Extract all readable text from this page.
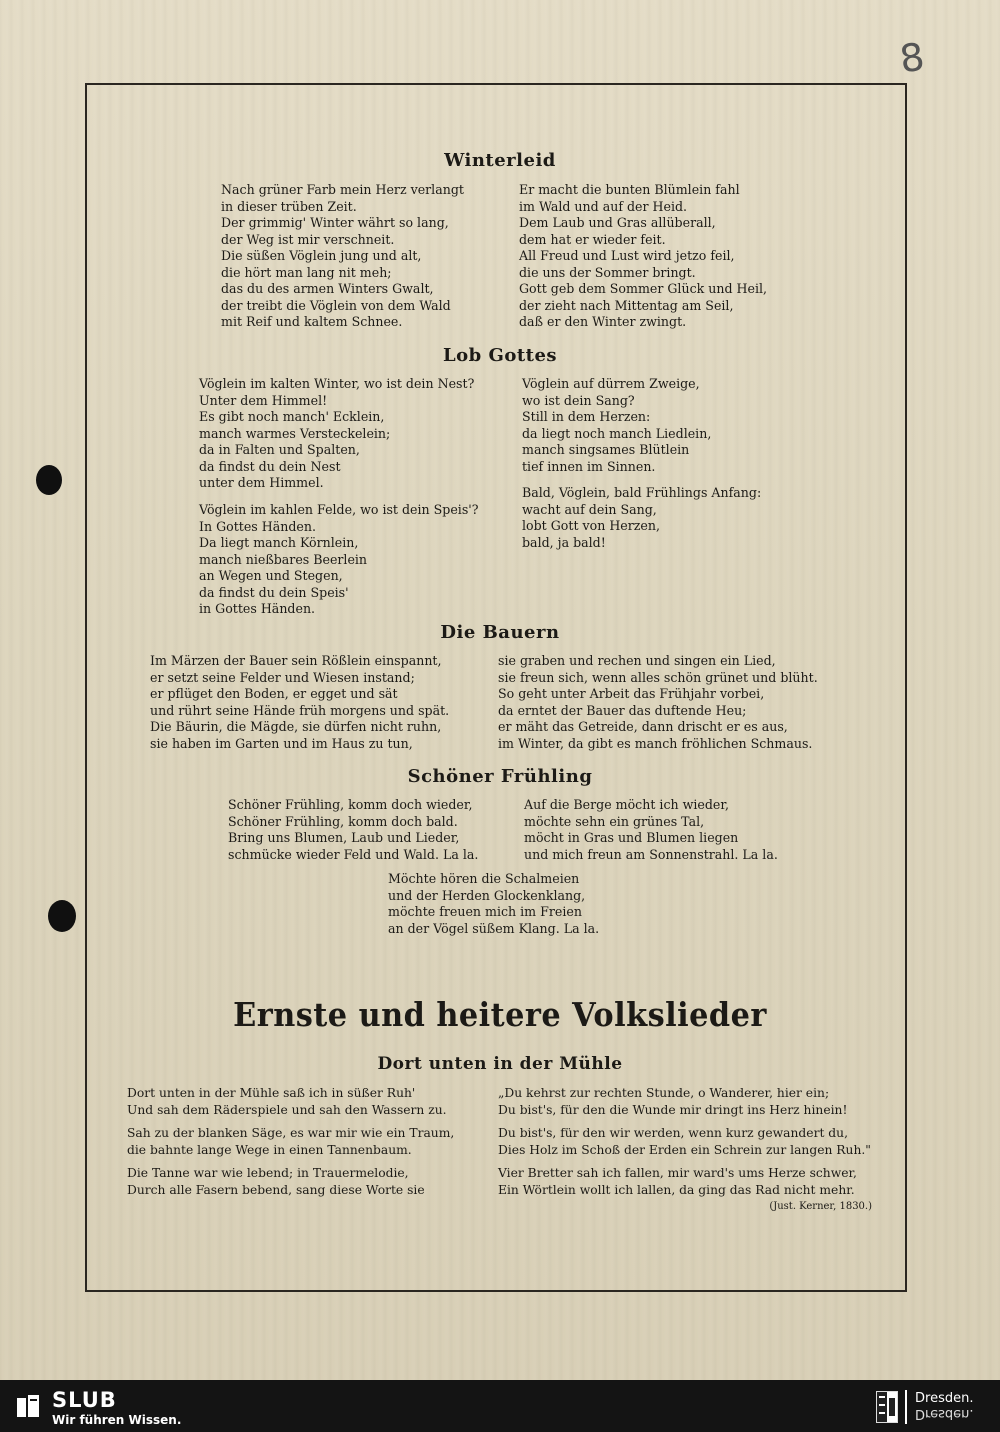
8
Winterleid
Nach grüner Farb mein Herz verlangt
in dieser trüben Zeit.
Der grimmig' Winter währt so lang,
der Weg ist mir verschneit.
Die süßen Vöglein jung und alt,
die hört man lang nit meh;
das du des armen Winters Gwalt,
der treibt die Vöglein von dem Wald
mit Reif und kaltem Schnee.
Er macht die bunten Blümlein fahl
im Wald und auf der Heid.
Dem Laub und Gras allüberall,
dem hat er wieder feit.
All Freud und Lust wird jetzo feil,
die uns der Sommer bringt.
Gott geb dem Sommer Glück und Heil,
der zieht nach Mittentag am Seil,
daß er den Winter zwingt.
Lob Gottes
Vöglein im kalten Winter, wo ist dein Nest?
Unter dem Himmel!
Es gibt noch manch' Ecklein,
manch warmes Versteckelein;
da in Falten und Spalten,
da findst du dein Nest
unter dem Himmel.
Vöglein im kahlen Felde, wo ist dein Speis'?
In Gottes Händen.
Da liegt manch Körnlein,
manch nießbares Beerlein
an Wegen und Stegen,
da findst du dein Speis'
in Gottes Händen.
Vöglein auf dürrem Zweige,
wo ist dein Sang?
Still in dem Herzen:
da liegt noch manch Liedlein,
manch singsames Blütlein
tief innen im Sinnen.
Bald, Vöglein, bald Frühlings Anfang:
wacht auf dein Sang,
lobt Gott von Herzen,
bald, ja bald!
Die Bauern
Im Märzen der Bauer sein Rößlein einspannt,
er setzt seine Felder und Wiesen instand;
er pflüget den Boden, er egget und sät
und rührt seine Hände früh morgens und spät.
Die Bäurin, die Mägde, sie dürfen nicht ruhn,
sie haben im Garten und im Haus zu tun,
sie graben und rechen und singen ein Lied,
sie freun sich, wenn alles schön grünet und blüht.
So geht unter Arbeit das Frühjahr vorbei,
da erntet der Bauer das duftende Heu;
er mäht das Getreide, dann drischt er es aus,
im Winter, da gibt es manch fröhlichen Schmaus.
Schöner Frühling
Schöner Frühling, komm doch wieder,
Schöner Frühling, komm doch bald.
Bring uns Blumen, Laub und Lieder,
schmücke wieder Feld und Wald. La la.
Auf die Berge möcht ich wieder,
möchte sehn ein grünes Tal,
möcht in Gras und Blumen liegen
und mich freun am Sonnenstrahl. La la.
Möchte hören die Schalmeien
und der Herden Glockenklang,
möchte freuen mich im Freien
an der Vögel süßem Klang. La la.
Ernste und heitere Volkslieder
Dort unten in der Mühle
Dort unten in der Mühle saß ich in süßer Ruh'
Und sah dem Räderspiele und sah den Wassern zu.
Sah zu der blanken Säge, es war mir wie ein Traum,
die bahnte lange Wege in einen Tannenbaum.
Die Tanne war wie lebend; in Trauermelodie,
Durch alle Fasern bebend, sang diese Worte sie
„Du kehrst zur rechten Stunde, o Wanderer, hier ein;
Du bist's, für den die Wunde mir dringt ins Herz hinein!
Du bist's, für den wir werden, wenn kurz gewandert du,
Dies Holz im Schoß der Erden ein Schrein zur langen Ruh."
Vier Bretter sah ich fallen, mir ward's ums Herze schwer,
Ein Wörtlein wollt ich lallen, da ging das Rad nicht mehr.
(Just. Kerner, 1830.)
SLUB
Wir führen Wissen.
Dresden.
Dresden.
